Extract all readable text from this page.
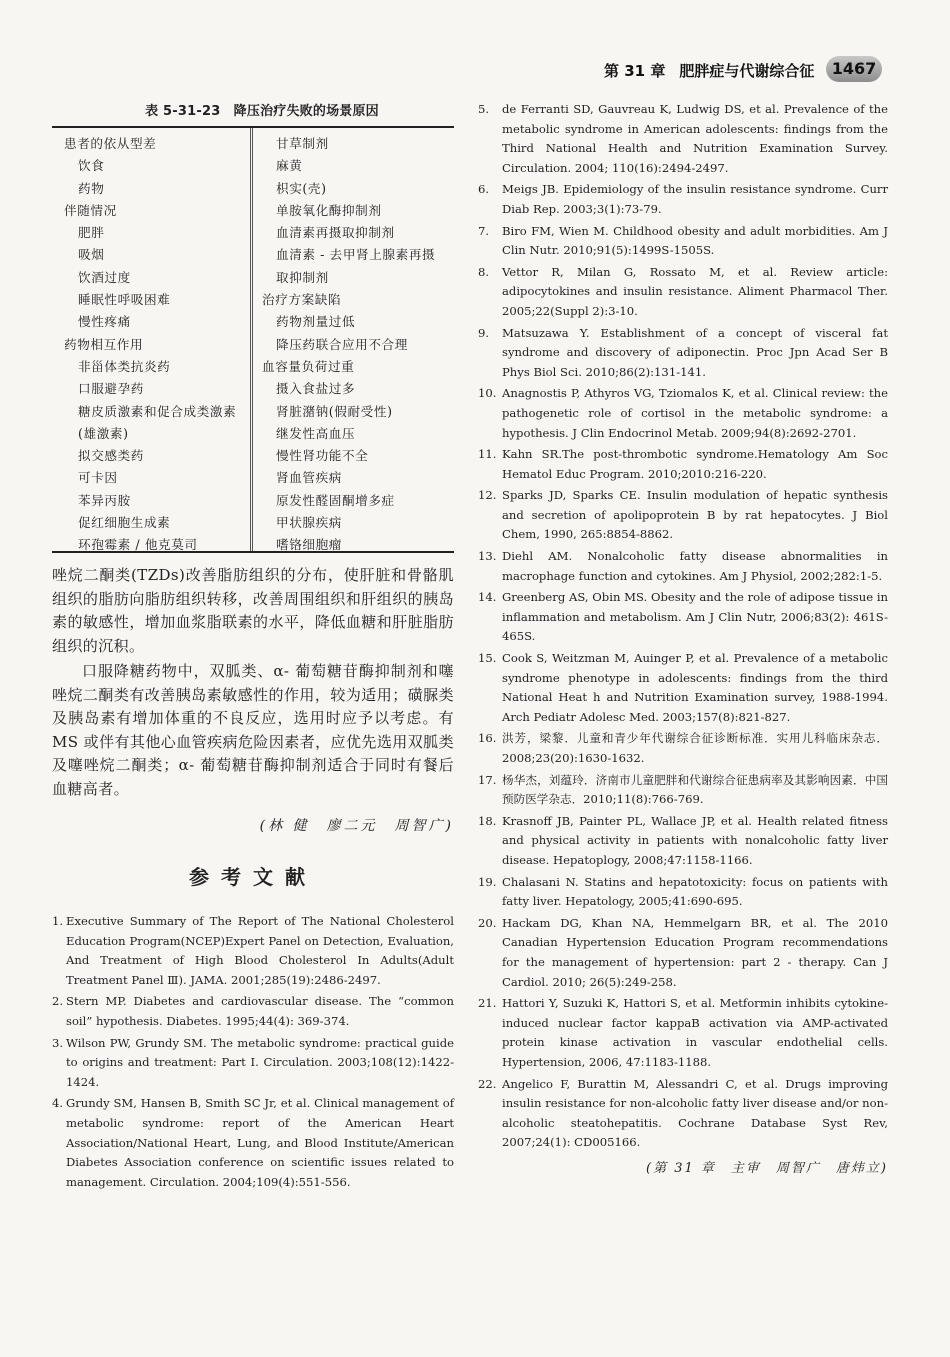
第 31 章 肥胖症与代谢综合征	1467
表 5-31-23　降压治疗失败的场景原因
患者的依从型差
饮食
药物
伴随情况
肥胖
吸烟
饮酒过度
睡眠性呼吸困难
慢性疼痛
药物相互作用
非甾体类抗炎药
口服避孕药
糖皮质激素和促合成类激素
(雄激素)
拟交感类药
可卡因
苯异丙胺
促红细胞生成素
环孢霉素 / 他克莫司
甘草制剂
麻黄
枳实(壳)
单胺氧化酶抑制剂
血清素再摄取抑制剂
血清素 - 去甲肾上腺素再摄
取抑制剂
治疗方案缺陷
药物剂量过低
降压药联合应用不合理
血容量负荷过重
摄入食盐过多
肾脏潴钠(假耐受性)
继发性高血压
慢性肾功能不全
肾血管疾病
原发性醛固酮增多症
甲状腺疾病
嗜铬细胞瘤

唑烷二酮类(TZDs)改善脂肪组织的分布，使肝脏和骨骼肌组织的脂肪向脂肪组织转移，改善周围组织和肝组织的胰岛素的敏感性，增加血浆脂联素的水平，降低血糖和肝脏脂肪组织的沉积。

口服降糖药物中，双胍类、α- 葡萄糖苷酶抑制剂和噻唑烷二酮类有改善胰岛素敏感性的作用，较为适用；磺脲类及胰岛素有增加体重的不良反应，选用时应予以考虑。有 MS 或伴有其他心血管疾病危险因素者，应优先选用双胍类及噻唑烷二酮类；α- 葡萄糖苷酶抑制剂适合于同时有餐后血糖高者。

(林 健　廖二元　周智广)
参考文献
1. Executive Summary of The Report of The National Cholesterol Education Program(NCEP)Expert Panel on Detection, Evaluation, And Treatment of High Blood Cholesterol In Adults(Adult Treatment Panel Ⅲ). JAMA. 2001;285(19):2486-2497.
2. Stern MP. Diabetes and cardiovascular disease. The “common soil” hypothesis. Diabetes. 1995;44(4): 369-374.
3. Wilson PW, Grundy SM. The metabolic syndrome: practical guide to origins and treatment: Part I. Circulation. 2003;108(12):1422-1424.
4. Grundy SM, Hansen B, Smith SC Jr, et al. Clinical management of metabolic syndrome: report of the American Heart Association/National Heart, Lung, and Blood Institute/American Diabetes Association conference on scientific issues related to management. Circulation. 2004;109(4):551-556.
5. de Ferranti SD, Gauvreau K, Ludwig DS, et al. Prevalence of the metabolic syndrome in American adolescents: findings from the Third National Health and Nutrition Examination Survey. Circulation. 2004; 110(16):2494-2497.
6. Meigs JB. Epidemiology of the insulin resistance syndrome. Curr Diab Rep. 2003;3(1):73-79.
7. Biro FM, Wien M. Childhood obesity and adult morbidities. Am J Clin Nutr. 2010;91(5):1499S-1505S.
8. Vettor R, Milan G, Rossato M, et al. Review article: adipocytokines and insulin resistance. Aliment Pharmacol Ther. 2005;22(Suppl 2):3-10.
9. Matsuzawa Y. Establishment of a concept of visceral fat syndrome and discovery of adiponectin. Proc Jpn Acad Ser B Phys Biol Sci. 2010;86(2):131-141.
10. Anagnostis P, Athyros VG, Tziomalos K, et al. Clinical review: the pathogenetic role of cortisol in the metabolic syndrome: a hypothesis. J Clin Endocrinol Metab. 2009;94(8):2692-2701.
11. Kahn SR.The post-thrombotic syndrome.Hematology Am Soc Hematol Educ Program. 2010;2010:216-220.
12. Sparks JD, Sparks CE. Insulin modulation of hepatic synthesis and secretion of apolipoprotein B by rat hepatocytes. J Biol Chem, 1990, 265:8854-8862.
13. Diehl AM. Nonalcoholic fatty disease abnormalities in macrophage function and cytokines. Am J Physiol, 2002;282:1-5.
14. Greenberg AS, Obin MS. Obesity and the role of adipose tissue in inflammation and metabolism. Am J Clin Nutr, 2006;83(2): 461S-465S.
15. Cook S, Weitzman M, Auinger P, et al. Prevalence of a metabolic syndrome phenotype in adolescents: findings from the third National Heat h and Nutrition Examination survey, 1988-1994. Arch Pediatr Adolesc Med. 2003;157(8):821-827.
16. 洪芳，梁黎．儿童和青少年代谢综合征诊断标准．实用儿科临床杂志．2008;23(20):1630-1632.
17. 杨华杰，刘蕴玲．济南市儿童肥胖和代谢综合征患病率及其影响因素．中国预防医学杂志．2010;11(8):766-769.
18. Krasnoff JB, Painter PL, Wallace JP, et al. Health related fitness and physical activity in patients with nonalcoholic fatty liver disease. Hepatoplogy, 2008;47:1158-1166.
19. Chalasani N. Statins and hepatotoxicity: focus on patients with fatty liver. Hepatology, 2005;41:690-695.
20. Hackam DG, Khan NA, Hemmelgarn BR, et al. The 2010 Canadian Hypertension Education Program recommendations for the management of hypertension: part 2 - therapy. Can J Cardiol. 2010; 26(5):249-258.
21. Hattori Y, Suzuki K, Hattori S, et al. Metformin inhibits cytokine-induced nuclear factor kappaB activation via AMP-activated protein kinase activation in vascular endothelial cells. Hypertension, 2006, 47:1183-1188.
22. Angelico F, Burattin M, Alessandri C, et al. Drugs improving insulin resistance for non-alcoholic fatty liver disease and/or non-alcoholic steatohepatitis. Cochrane Database Syst Rev, 2007;24(1): CD005166.
(第 31 章　主审　周智广　唐炜立)
